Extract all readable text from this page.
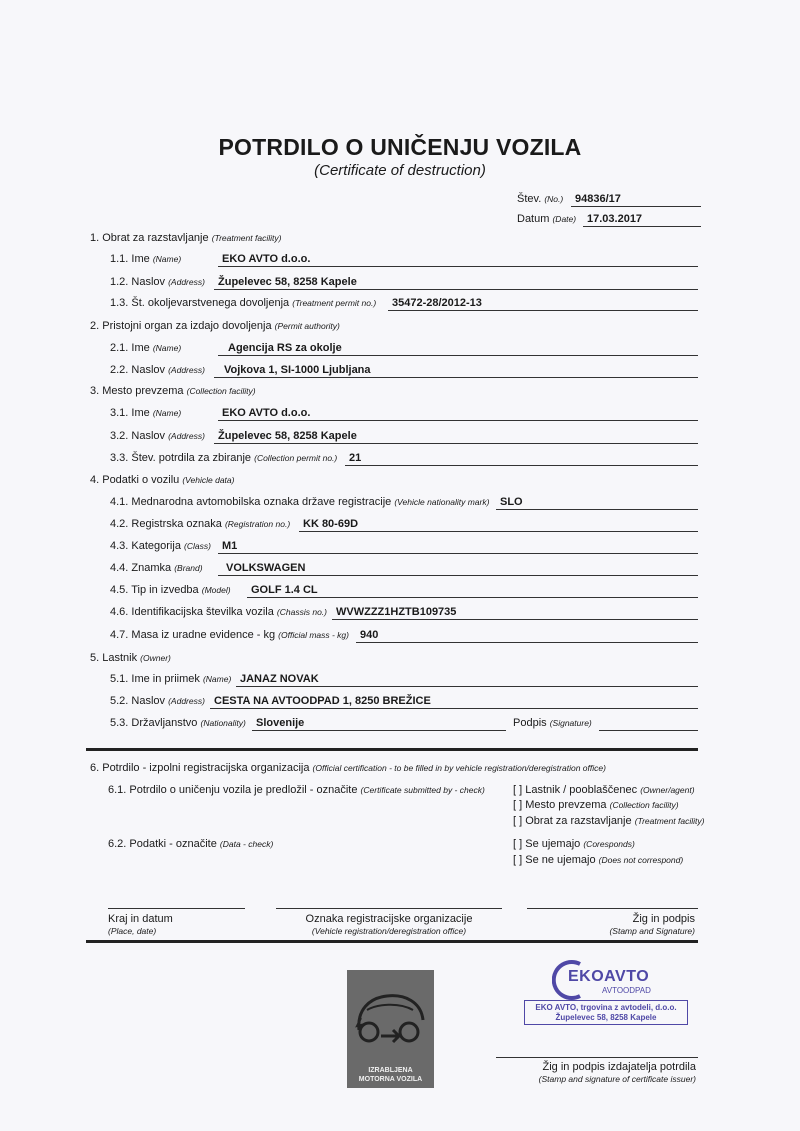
POTRDILO O UNIČENJU VOZILA
(Certificate of destruction)
Štev. (No.)	94836/17
Datum (Date) 17.03.2017
1. Obrat za razstavljanje (Treatment facility)
1.1. Ime (Name)	EKO AVTO d.o.o.
1.2. Naslov (Address)	Župelevec 58, 8258 Kapele
1.3. Št. okoljevarstvenega dovoljenja (Treatment permit no.)	35472-28/2012-13
2. Pristojni organ za izdajo dovoljenja (Permit authority)
2.1. Ime (Name)	Agencija RS za okolje
2.2. Naslov (Address)	Vojkova 1, SI-1000 Ljubljana
3. Mesto prevzema (Collection facility)
3.1. Ime (Name)	EKO AVTO d.o.o.
3.2. Naslov (Address)	Župelevec 58, 8258 Kapele
3.3. Štev. potrdila za zbiranje (Collection permit no.)	21
4. Podatki o vozilu (Vehicle data)
4.1. Mednarodna avtomobilska oznaka države registracije (Vehicle nationality mark) SLO
4.2. Registrska oznaka (Registration no.)	KK 80-69D
4.3. Kategorija (Class)	M1
4.4. Znamka (Brand)	VOLKSWAGEN
4.5. Tip in izvedba (Model)	GOLF 1.4 CL
4.6. Identifikacijska številka vozila (Chassis no.) WVWZZZ1HZTB109735
4.7. Masa iz uradne evidence - kg (Official mass - kg)	940
5. Lastnik (Owner)
5.1. Ime in priimek (Name) JANAZ NOVAK
5.2. Naslov (Address) CESTA NA AVTOODPAD 1, 8250 BREŽICE
5.3. Državljanstvo (Nationality) Slovenije	Podpis (Signature)
6. Potrdilo - izpolni registracijska organizacija (Official certification - to be filled in by vehicle registration/deregistration office)
6.1. Potrdilo o uničenju vozila je predložil - označite (Certificate submitted by - check)	[ ] Lastnik / pooblaščenec (Owner/agent)
[ ] Mesto prevzema (Collection facility)
[ ] Obrat za razstavljanje (Treatment facility)
6.2. Podatki - označite (Data - check)	[ ] Se ujemajo (Coresponds)
[ ] Se ne ujemajo (Does not correspond)
Kraj in datum
(Place, date)
Oznaka registracijske organizacije
(Vehicle registration/deregistration office)
Žig in podpis
(Stamp and Signature)
IZRABLJENA
MOTORNA VOZILA
EKOAVTO
AVTOODPAD
EKO AVTO, trgovina z avtodeli, d.o.o.
Župelevec 58, 8258 Kapele
Žig in podpis izdajatelja potrdila
(Stamp and signature of certificate issuer)
